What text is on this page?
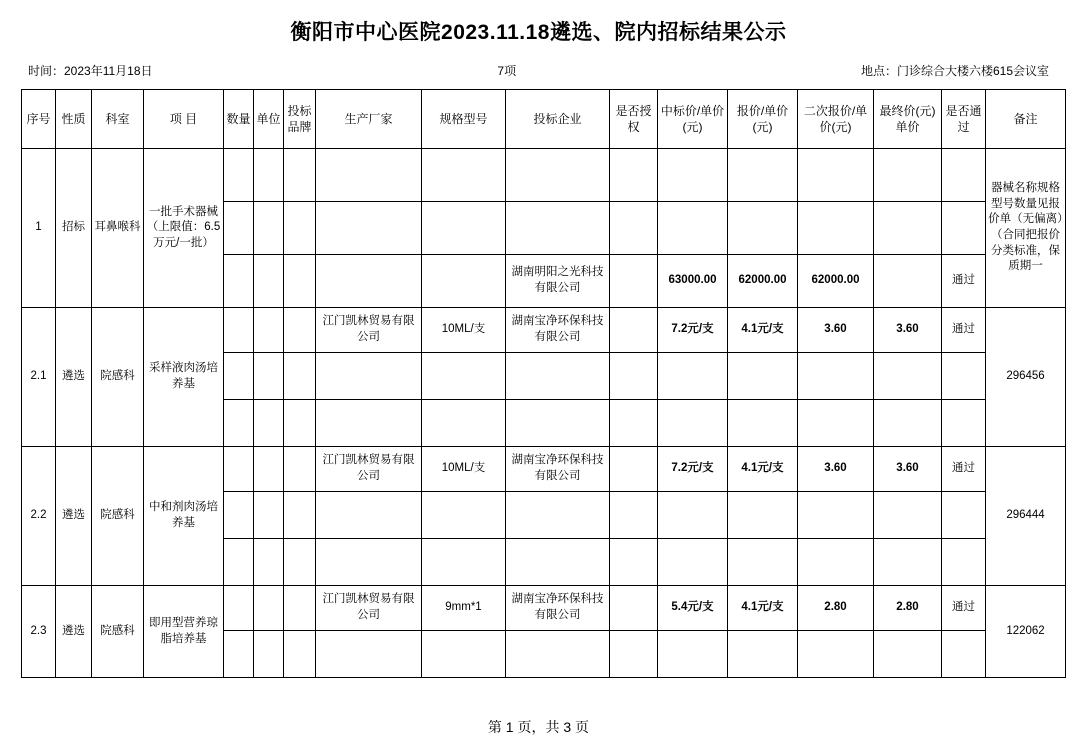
衡阳市中心医院2023.11.18遴选、院内招标结果公示
时间：2023年11月18日	7项	地点：门诊综合大楼六楼615会议室
序号	性质	科室	项 目	数量	单位	投标品牌	生产厂家	规格型号	投标企业	是否授权	中标价/单价(元)	报价/单价(元)	二次报价/单价(元)	最终价(元)单价	是否通过	备注
1	招标	耳鼻喉科	一批手术器械（上限值：6.5万元/一批）													器械名称规格型号数量见报价单（无偏离）（合同把报价分类标准，保质期一

									湖南明阳之光科技有限公司		63000.00	62000.00	62000.00		通过	
2.1	遴选	院感科	采样液肉汤培养基				江门凯林贸易有限公司	10ML/支	湖南宝净环保科技有限公司		7.2元/支	4.1元/支	3.60	3.60	通过	296456

2.2	遴选	院感科	中和剂肉汤培养基				江门凯林贸易有限公司	10ML/支	湖南宝净环保科技有限公司		7.2元/支	4.1元/支	3.60	3.60	通过	296444

2.3	遴选	院感科	即用型营养琼脂培养基				江门凯林贸易有限公司	9mm*1	湖南宝净环保科技有限公司		5.4元/支	4.1元/支	2.80	2.80	通过	122062

第 1 页，共 3 页
